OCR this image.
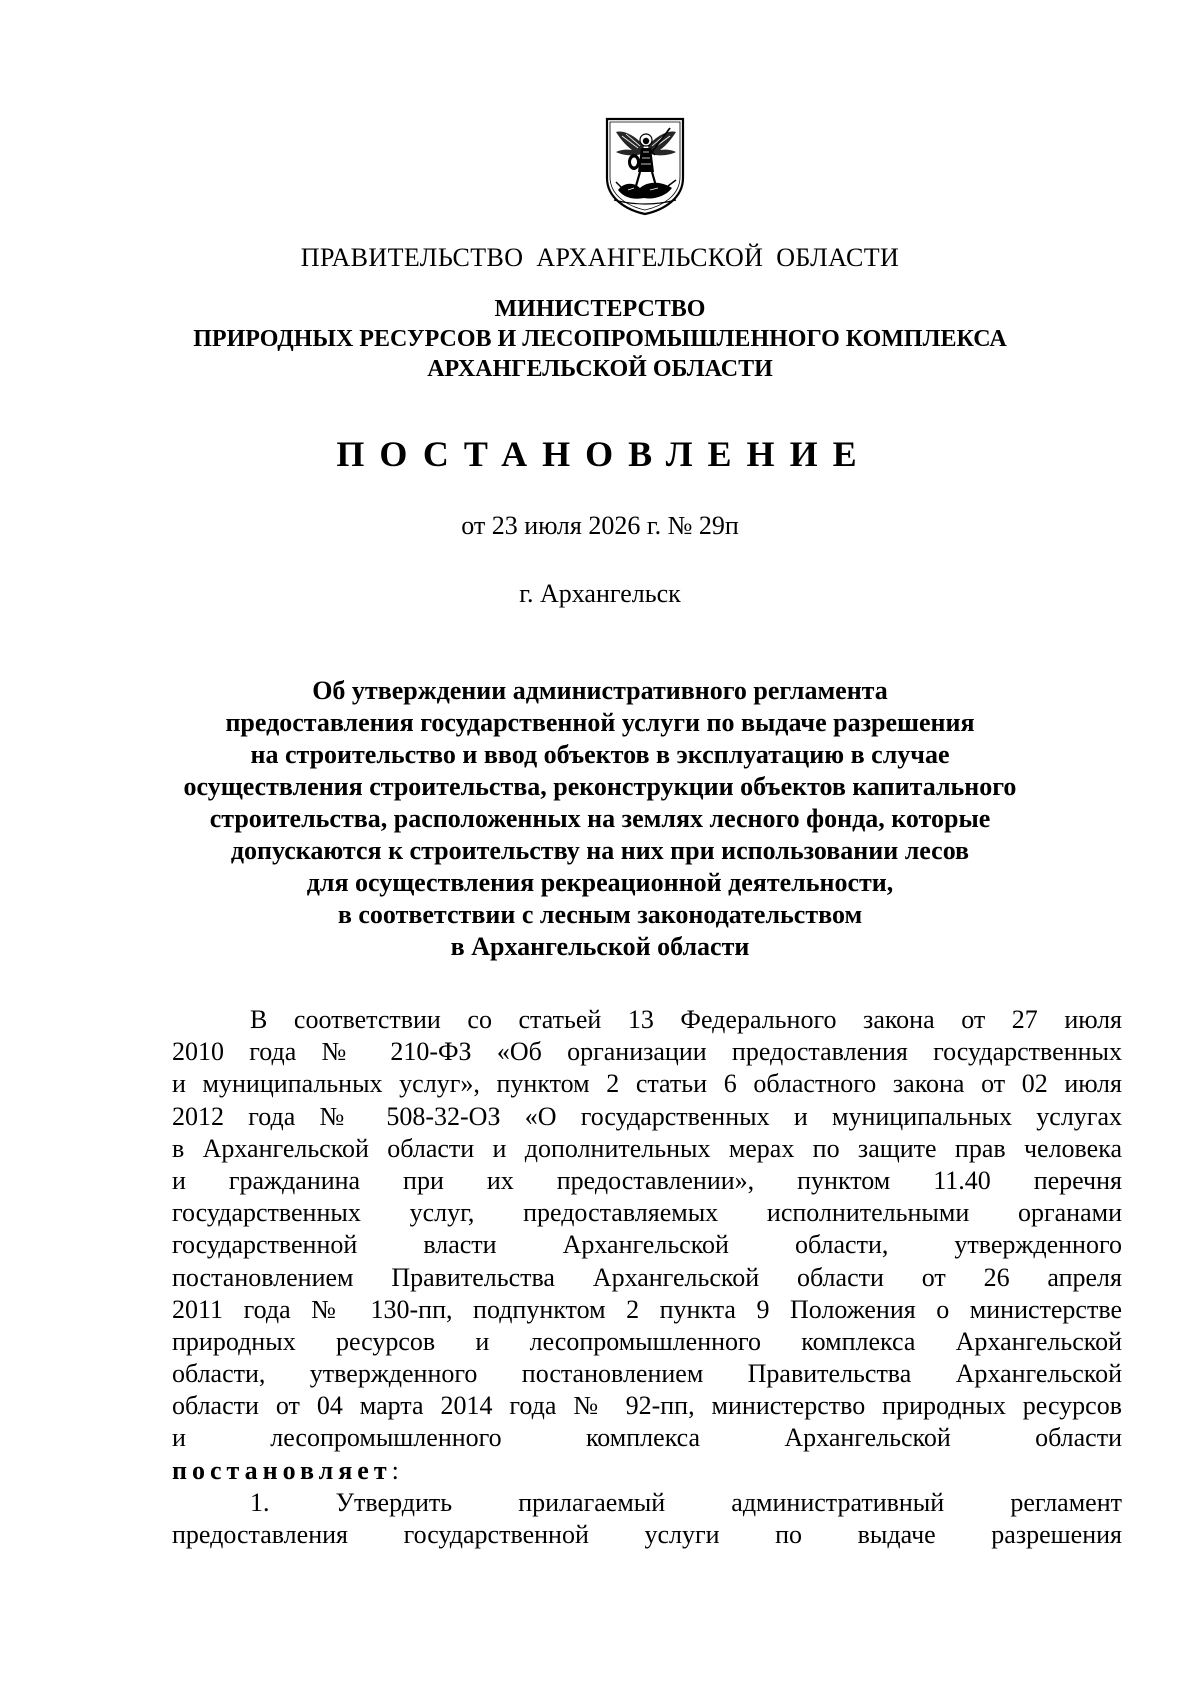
ПРАВИТЕЛЬСТВО АРХАНГЕЛЬСКОЙ ОБЛАСТИ
МИНИСТЕРСТВО
ПРИРОДНЫХ РЕСУРСОВ И ЛЕСОПРОМЫШЛЕННОГО КОМПЛЕКСА
АРХАНГЕЛЬСКОЙ ОБЛАСТИ
ПОСТАНОВЛЕНИЕ
от 23 июля 2026 г. № 29п
г. Архангельск
Об утверждении административного регламента
предоставления государственной услуги по выдаче разрешения
на строительство и ввод объектов в эксплуатацию в случае
осуществления строительства, реконструкции объектов капитального
строительства, расположенных на землях лесного фонда, которые
допускаются к строительству на них при использовании лесов
для осуществления рекреационной деятельности,
в соответствии с лесным законодательством
в Архангельской области
В соответствии со статьей 13 Федерального закона от 27 июля
2010 года № 210-ФЗ «Об организации предоставления государственных
и муниципальных услуг», пунктом 2 статьи 6 областного закона от 02 июля
2012 года № 508-32-ОЗ «О государственных и муниципальных услугах
в Архангельской области и дополнительных мерах по защите прав человека
и гражданина при их предоставлении», пунктом 11.40 перечня
государственных услуг, предоставляемых исполнительными органами
государственной власти Архангельской области, утвержденного
постановлением Правительства Архангельской области от 26 апреля
2011 года № 130-пп, подпунктом 2 пункта 9 Положения о министерстве
природных ресурсов и лесопромышленного комплекса Архангельской
области, утвержденного постановлением Правительства Архангельской
области от 04 марта 2014 года № 92-пп, министерство природных ресурсов
и лесопромышленного комплекса Архангельской области
постановляет:
1. Утвердить прилагаемый административный регламент
предоставления государственной услуги по выдаче разрешения
